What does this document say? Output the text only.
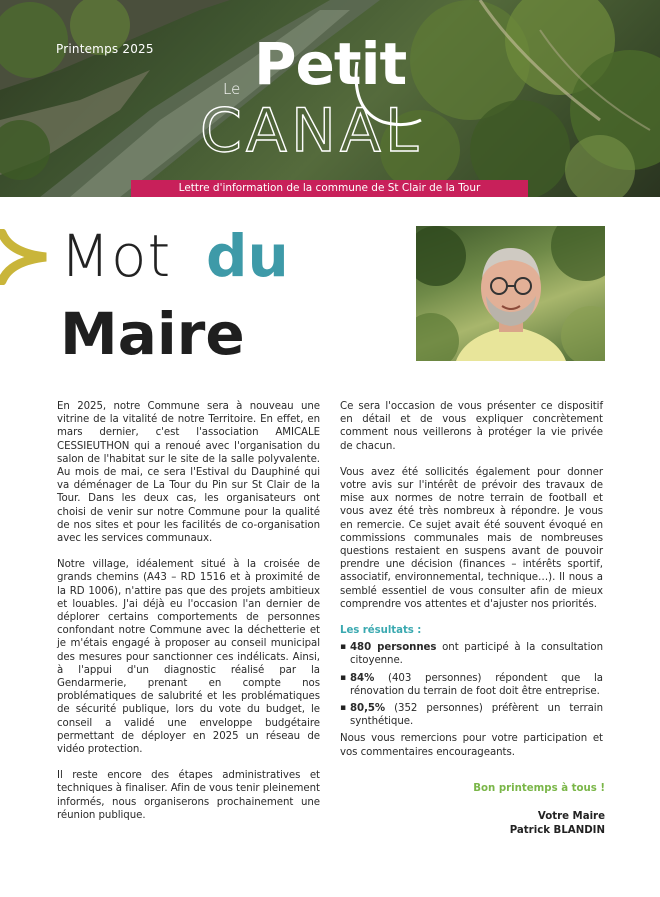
Printemps 2025
Le Petit
CANAL
Lettre d'information de la commune de St Clair de la Tour
Mot du
Maire

En 2025, notre Commune sera à nouveau une vitrine de la vitalité de notre Territoire. En effet, en mars dernier, c'est l'association AMICALE CESSIEUTHON qui a renoué avec l'organisation du salon de l'habitat sur le site de la salle polyvalente. Au mois de mai, ce sera l'Estival du Dauphiné qui va déménager de La Tour du Pin sur St Clair de la Tour. Dans les deux cas, les organisateurs ont choisi de venir sur notre Commune pour la qualité de nos sites et pour les facilités de co-organisation avec les services communaux.

Notre village, idéalement situé à la croisée de grands chemins (A43 – RD 1516 et à proximité de la RD 1006), n'attire pas que des projets ambitieux et louables. J'ai déjà eu l'occasion l'an dernier de déplorer certains comportements de personnes confondant notre Commune avec la déchetterie et je m'étais engagé à proposer au conseil municipal des mesures pour sanctionner ces indélicats. Ainsi, à l'appui d'un diagnostic réalisé par la Gendarmerie, prenant en compte nos problématiques de salubrité et les problématiques de sécurité publique, lors du vote du budget, le conseil a validé une enveloppe budgétaire permettant de déployer en 2025 un réseau de vidéo protection.

Il reste encore des étapes administratives et techniques à finaliser. Afin de vous tenir pleinement informés, nous organiserons prochainement une réunion publique.

Ce sera l'occasion de vous présenter ce dispositif en détail et de vous expliquer concrètement comment nous veillerons à protéger la vie privée de chacun.

Vous avez été sollicités également pour donner votre avis sur l'intérêt de prévoir des travaux de mise aux normes de notre terrain de football et vous avez été très nombreux à répondre. Je vous en remercie. Ce sujet avait été souvent évoqué en commissions communales mais de nombreuses questions restaient en suspens avant de pouvoir prendre une décision (finances – intérêts sportif, associatif, environnemental, technique…). Il nous a semblé essentiel de vous consulter afin de mieux comprendre vos attentes et d'ajuster nos priorités.

Les résultats :
▪ 480 personnes ont participé à la consultation citoyenne.
▪ 84% (403 personnes) répondent que la rénovation du terrain de foot doit être entreprise.
▪ 80,5% (352 personnes) préfèrent un terrain synthétique.

Nous vous remercions pour votre participation et vos commentaires encourageants.

Bon printemps à tous !
Votre Maire
Patrick BLANDIN
